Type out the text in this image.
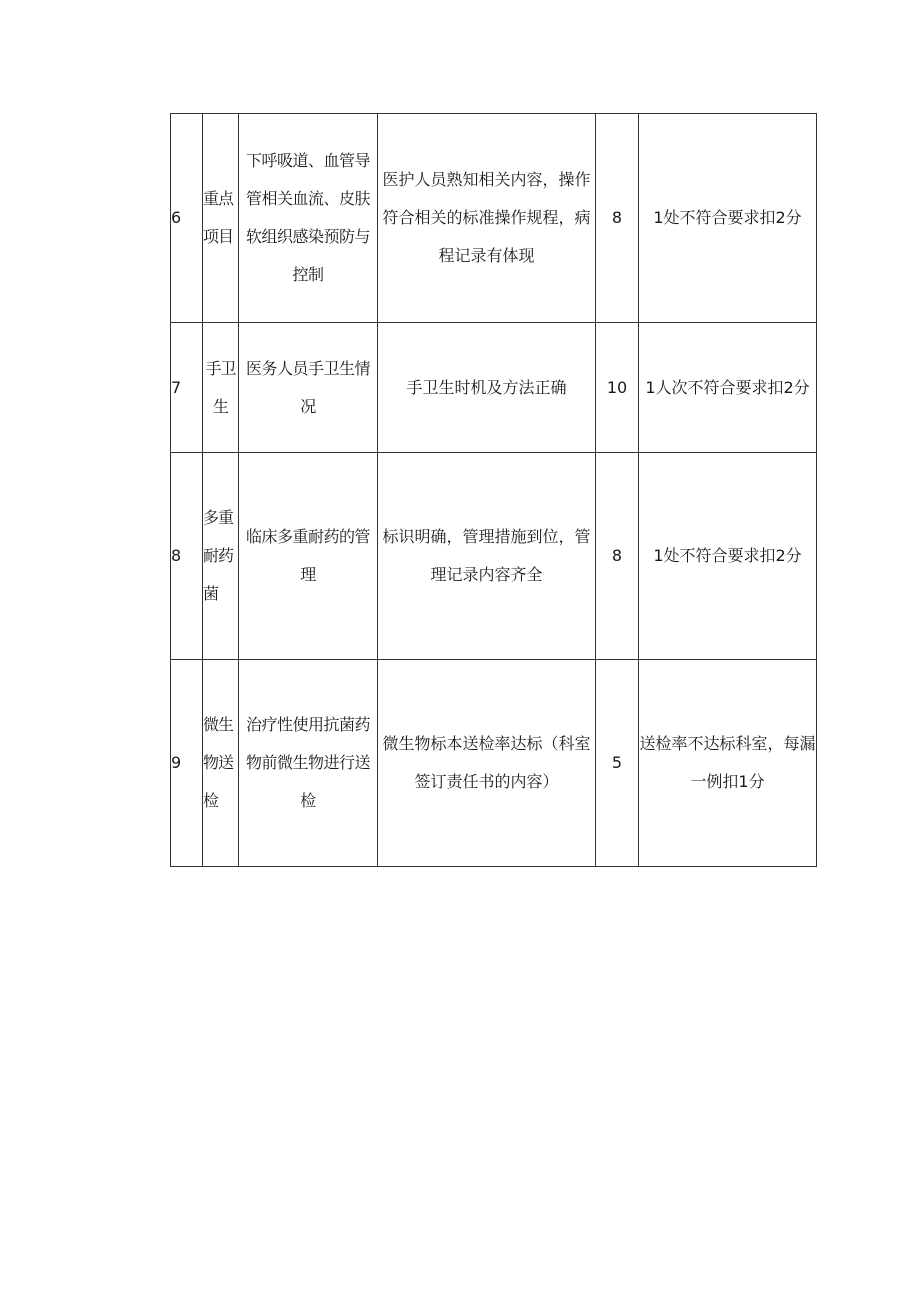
6	重点项目	下呼吸道、血管导管相关血流、皮肤软组织感染预防与控制	医护人员熟知相关内容，操作符合相关的标准操作规程，病程记录有体现	8	1处不符合要求扣2分
7	手卫生	医务人员手卫生情况	手卫生时机及方法正确	10	1人次不符合要求扣2分
8	多重耐药菌	临床多重耐药的管理	标识明确，管理措施到位，管理记录内容齐全	8	1处不符合要求扣2分
9	微生物送检	治疗性使用抗菌药物前微生物进行送检	微生物标本送检率达标（科室签订责任书的内容）	5	送检率不达标科室，每漏一例扣1分
